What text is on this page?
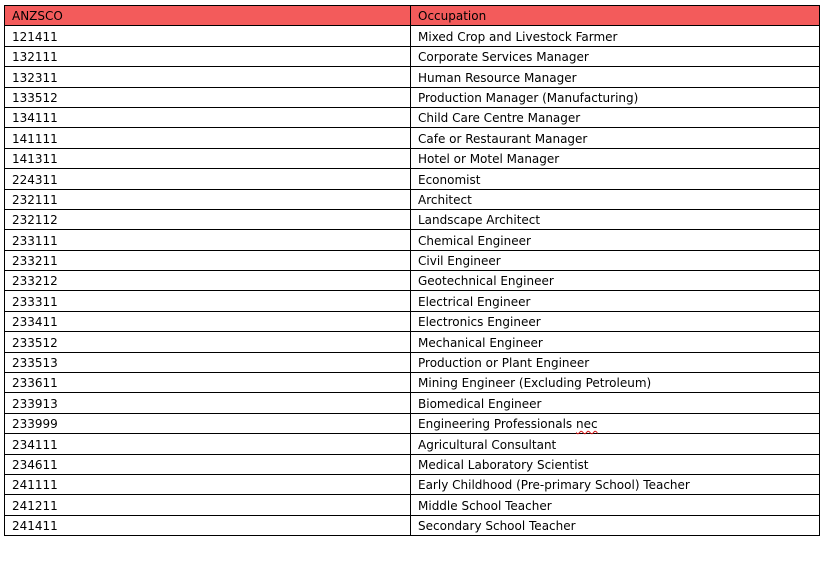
ANZSCO	Occupation
121411	Mixed Crop and Livestock Farmer
132111	Corporate Services Manager
132311	Human Resource Manager
133512	Production Manager (Manufacturing)
134111	Child Care Centre Manager
141111	Cafe or Restaurant Manager
141311	Hotel or Motel Manager
224311	Economist
232111	Architect
232112	Landscape Architect
233111	Chemical Engineer
233211	Civil Engineer
233212	Geotechnical Engineer
233311	Electrical Engineer
233411	Electronics Engineer
233512	Mechanical Engineer
233513	Production or Plant Engineer
233611	Mining Engineer (Excluding Petroleum)
233913	Biomedical Engineer
233999	Engineering Professionals nec
234111	Agricultural Consultant
234611	Medical Laboratory Scientist
241111	Early Childhood (Pre-primary School) Teacher
241211	Middle School Teacher
241411	Secondary School Teacher
